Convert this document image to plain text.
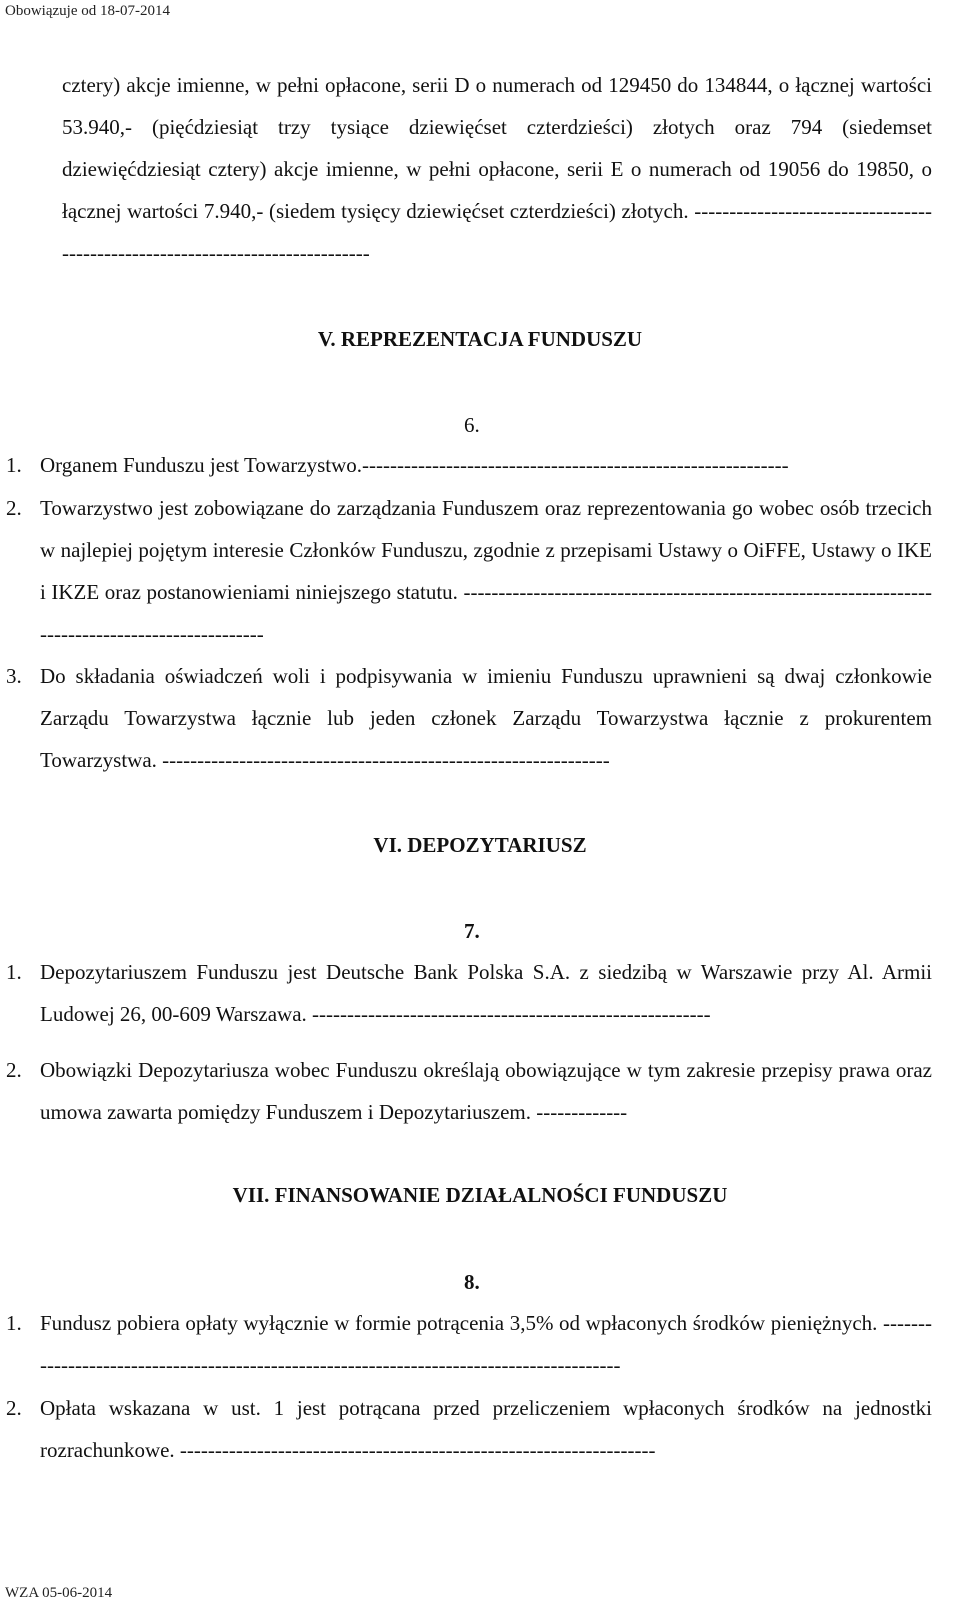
Obowiązuje od 18-07-2014
cztery) akcje imienne, w pełni opłacone, serii D o numerach od 129450 do 134844, o łącznej wartości 53.940,- (pięćdziesiąt trzy tysiące dziewięćset czterdzieści) złotych oraz 794 (siedemset dziewięćdziesiąt cztery) akcje imienne, w pełni opłacone, serii E o numerach od 19056 do 19850, o łącznej wartości 7.940,- (siedem tysięcy dziewięćset czterdzieści) złotych. ------------------------------------------------------------------------------
V. REPREZENTACJA FUNDUSZU
6.
1. Organem Funduszu jest Towarzystwo.-------------------------------------------------------------
2. Towarzystwo jest zobowiązane do zarządzania Funduszem oraz reprezentowania go wobec osób trzecich w najlepiej pojętym interesie Członków Funduszu, zgodnie z przepisami Ustawy o OiFFE, Ustawy o IKE i IKZE oraz postanowieniami niniejszego statutu. ---------------------------------------------------------------------------------------------------
3. Do składania oświadczeń woli i podpisywania w imieniu Funduszu uprawnieni są dwaj członkowie Zarządu Towarzystwa łącznie lub jeden członek Zarządu Towarzystwa łącznie z prokurentem Towarzystwa. ----------------------------------------------------------------
VI. DEPOZYTARIUSZ
7.
1. Depozytariuszem Funduszu jest Deutsche Bank Polska S.A. z siedzibą w Warszawie przy Al. Armii Ludowej 26, 00-609 Warszawa. ---------------------------------------------------------
2. Obowiązki Depozytariusza wobec Funduszu określają obowiązujące w tym zakresie przepisy prawa oraz umowa zawarta pomiędzy Funduszem i Depozytariuszem. -------------
VII. FINANSOWANIE DZIAŁALNOŚCI FUNDUSZU
8.
1. Fundusz pobiera opłaty wyłącznie w formie potrącenia 3,5% od wpłaconych środków pieniężnych. ------------------------------------------------------------------------------------------
2. Opłata wskazana w ust. 1 jest potrącana przed przeliczeniem wpłaconych środków na jednostki rozrachunkowe. --------------------------------------------------------------------
WZA 05-06-2014
